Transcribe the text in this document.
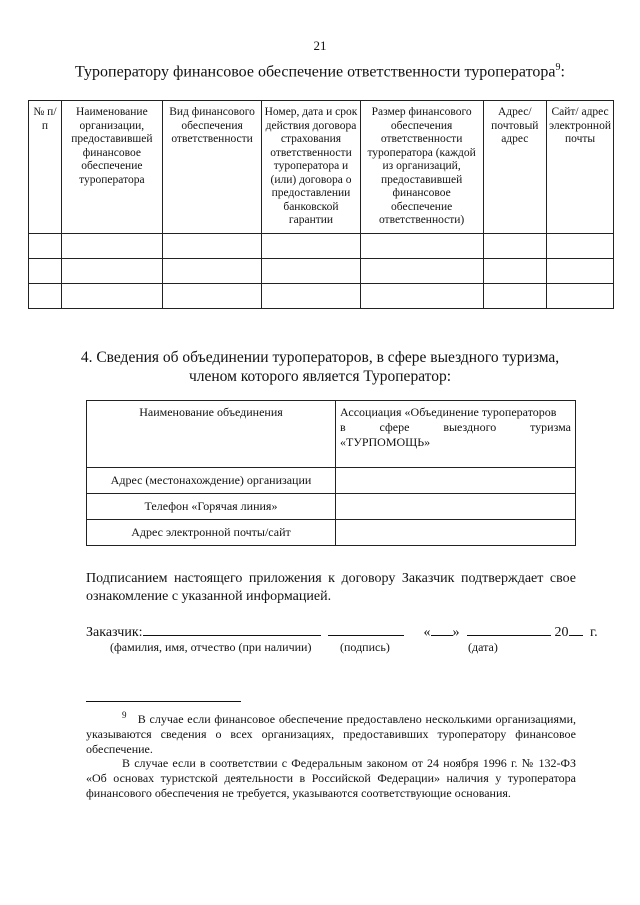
21
Туроператору финансовое обеспечение ответственности туроператора$^9$:
№ п/п	Наименование организации, предоставившей финансовое обеспечение туроператора	Вид финансового обеспечения ответственности	Номер, дата и срок действия договора страхования ответственности туроператора и (или) договора о предоставлении банковской гарантии	Размер финансового обеспечения ответственности туроператора (каждой из организаций, предоставившей финансовое обеспечение ответственности)	Адрес/ почтовый адрес	Сайт/ адрес электронной почты

4. Сведения об объединении туроператоров, в сфере выездного туризма,
членом которого является Туроператор:
Наименование объединения	Ассоциация «Объединение туроператоров
в сфере выездного туризма
«ТУРПОМОЩЬ»

Адрес (местонахождение) организации	
Телефон «Горячая линия»	
Адрес электронной почты/сайт	
Подписанием настоящего приложения к договору Заказчик подтверждает свое ознакомление с указанной информацией.
Заказчик:	« »	20 г.
(фамилия, имя, отчество (при наличии) (подпись)	(дата)
$^9$ В случае если финансовое обеспечение предоставлено несколькими организациями, указываются сведения о всех организациях, предоставивших туроператору финансовое обеспечение.
В случае если в соответствии с Федеральным законом от 24 ноября 1996 г. № 132-ФЗ «Об основах туристской деятельности в Российской Федерации» наличия у туроператора финансового обеспечения не требуется, указываются соответствующие основания.
